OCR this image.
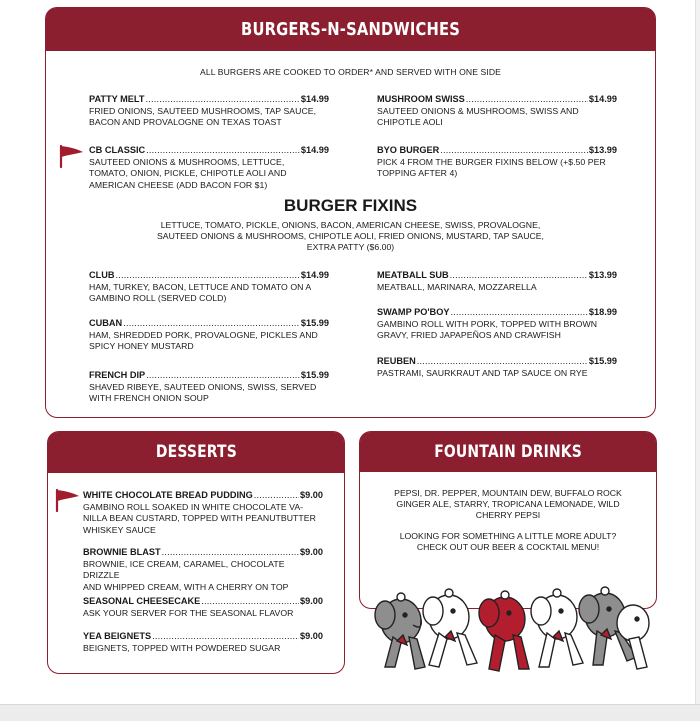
BURGERS-N-SANDWICHES
ALL BURGERS ARE COOKED TO ORDER* AND SERVED WITH ONE SIDE
PATTY MELT .....	$14.99
FRIED ONIONS, SAUTEED MUSHROOMS, TAP SAUCE,
BACON AND PROVALOGNE ON TEXAS TOAST
MUSHROOM SWISS .....	$14.99
SAUTEED ONIONS & MUSHROOMS, SWISS AND
CHIPOTLE AOLI
CB CLASSIC .....	$14.99
SAUTEED ONIONS & MUSHROOMS, LETTUCE,
TOMATO, ONION, PICKLE, CHIPOTLE AOLI AND
AMERICAN CHEESE (ADD BACON FOR $1)
BYO BURGER .....	$13.99
PICK 4 FROM THE BURGER FIXINS BELOW (+$.50 PER
TOPPING AFTER 4)
BURGER FIXINS
LETTUCE, TOMATO, PICKLE, ONIONS, BACON, AMERICAN CHEESE, SWISS, PROVALOGNE,
SAUTEED ONIONS & MUSHROOMS, CHIPOTLE AOLI, FRIED ONIONS, MUSTARD, TAP SAUCE,
EXTRA PATTY ($6.00)
CLUB .....	$14.99
HAM, TURKEY, BACON, LETTUCE AND TOMATO ON A
GAMBINO ROLL (SERVED COLD)
MEATBALL SUB .....	$13.99
MEATBALL, MARINARA, MOZZARELLA
CUBAN .....	$15.99
HAM, SHREDDED PORK, PROVALOGNE, PICKLES AND
SPICY HONEY MUSTARD
SWAMP PO'BOY .....	$18.99
GAMBINO ROLL WITH PORK, TOPPED WITH BROWN
GRAVY, FRIED JAPAPEÑOS AND CRAWFISH
FRENCH DIP .....	$15.99
SHAVED RIBEYE, SAUTEED ONIONS, SWISS, SERVED
WITH FRENCH ONION SOUP
REUBEN .....	$15.99
PASTRAMI, SAURKRAUT AND TAP SAUCE ON RYE
DESSERTS
WHITE CHOCOLATE BREAD PUDDING .....	$9.00
GAMBINO ROLL SOAKED IN WHITE CHOCOLATE VA-
NILLA BEAN CUSTARD, TOPPED WITH PEANUTBUTTER
WHISKEY SAUCE
BROWNIE BLAST .....	$9.00
BROWNIE, ICE CREAM, CARAMEL, CHOCOLATE DRIZZLE
AND WHIPPED CREAM, WITH A CHERRY ON TOP
SEASONAL CHEESECAKE .....	$9.00
ASK YOUR SERVER FOR THE SEASONAL FLAVOR
YEA BEIGNETS .....	$9.00
BEIGNETS, TOPPED WITH POWDERED SUGAR
FOUNTAIN DRINKS
PEPSI, DR. PEPPER, MOUNTAIN DEW, BUFFALO ROCK
GINGER ALE, STARRY, TROPICANA LEMONADE, WILD
CHERRY PEPSI
LOOKING FOR SOMETHING A LITTLE MORE ADULT?
CHECK OUT OUR BEER & COCKTAIL MENU!
